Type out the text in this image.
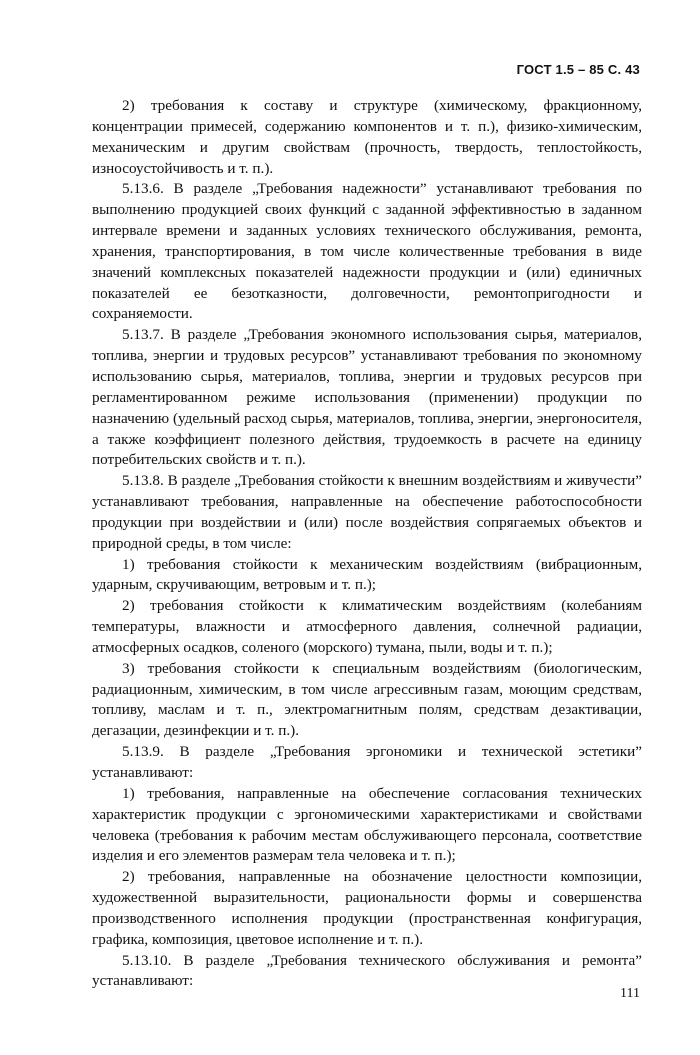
ГОСТ 1.5 – 85 С. 43

2) требования к составу и структуре (химическому, фракционному, концентрации примесей, содержанию компонентов и т. п.), физико-химическим, механическим и другим свойствам (прочность, твердость, теплостойкость, износоустойчивость и т. п.).

5.13.6. В разделе „Требования надежности” устанавливают требования по выполнению продукцией своих функций с заданной эффективностью в заданном интервале времени и заданных условиях технического обслуживания, ремонта, хранения, транспортирования, в том числе количественные требования в виде значений комплексных показателей надежности продукции и (или) единичных показателей ее безотказности, долговечности, ремонтопригодности и сохраняемости.

5.13.7. В разделе „Требования экономного использования сырья, материалов, топлива, энергии и трудовых ресурсов” устанавливают требования по экономному использованию сырья, материалов, топлива, энергии и трудовых ресурсов при регламентированном режиме использования (применении) продукции по назначению (удельный расход сырья, материалов, топлива, энергии, энергоносителя, а также коэффициент полезного действия, трудоемкость в расчете на единицу потребительских свойств и т. п.).

5.13.8. В разделе „Требования стойкости к внешним воздействиям и живучести” устанавливают требования, направленные на обеспечение работоспособности продукции при воздействии и (или) после воздействия сопрягаемых объектов и природной среды, в том числе:

1) требования стойкости к механическим воздействиям (вибрационным, ударным, скручивающим, ветровым и т. п.);

2) требования стойкости к климатическим воздействиям (колебаниям температуры, влажности и атмосферного давления, солнечной радиации, атмосферных осадков, соленого (морского) тумана, пыли, воды и т. п.);

3) требования стойкости к специальным воздействиям (биологическим, радиационным, химическим, в том числе агрессивным газам, моющим средствам, топливу, маслам и т. п., электромагнитным полям, средствам дезактивации, дегазации, дезинфекции и т. п.).

5.13.9. В разделе „Требования эргономики и технической эстетики” устанавливают:

1) требования, направленные на обеспечение согласования технических характеристик продукции с эргономическими характеристиками и свойствами человека (требования к рабочим местам обслуживающего персонала, соответствие изделия и его элементов размерам тела человека и т. п.);

2) требования, направленные на обозначение целостности композиции, художественной выразительности, рациональности формы и совершенства производственного исполнения продукции (пространственная конфигурация, графика, композиция, цветовое исполнение и т. п.).

5.13.10. В разделе „Требования технического обслуживания и ремонта” устанавливают:

111
